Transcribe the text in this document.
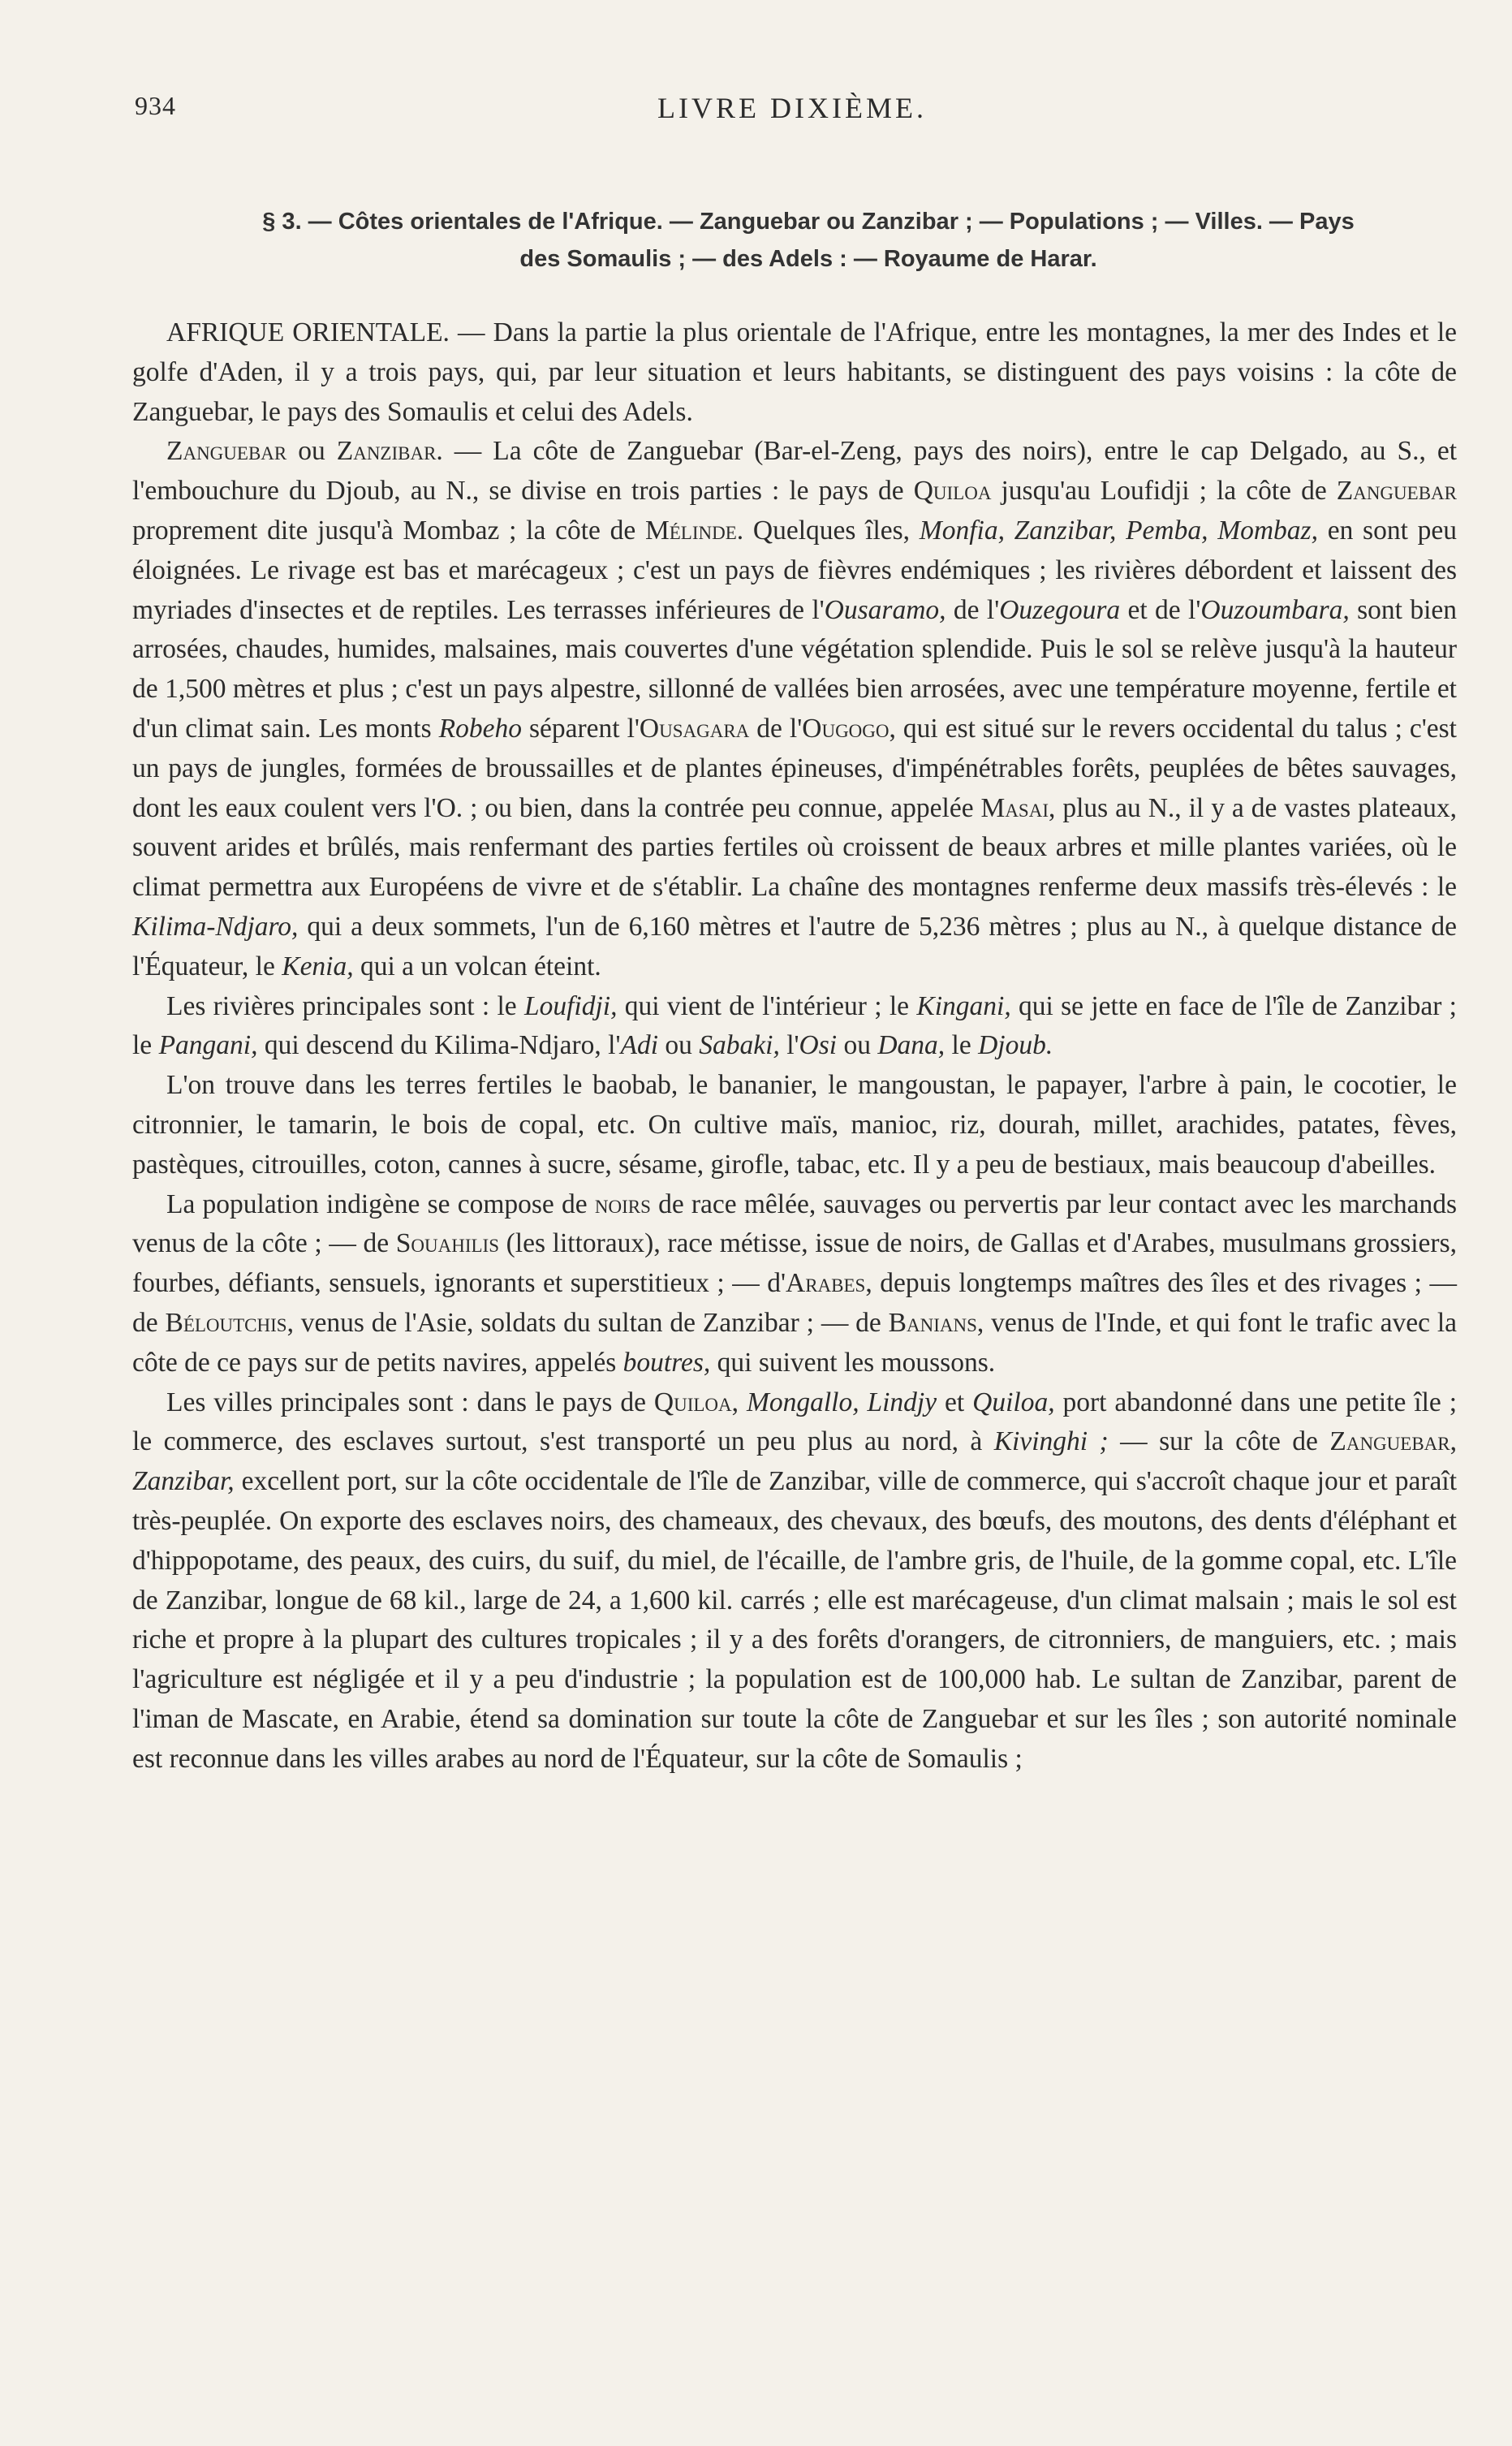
934	LIVRE DIXIÈME.
§ 3. — Côtes orientales de l'Afrique. — Zanguebar ou Zanzibar ; — Populations ; — Villes. — Pays
des Somaulis ; — des Adels : — Royaume de Harar.

AFRIQUE ORIENTALE. — Dans la partie la plus orientale de l'Afrique, entre les montagnes, la mer des Indes et le golfe d'Aden, il y a trois pays, qui, par leur situation et leurs habitants, se distinguent des pays voisins : la côte de Zanguebar, le pays des Somaulis et celui des Adels.

Zanguebar ou Zanzibar. — La côte de Zanguebar (Bar-el-Zeng, pays des noirs), entre le cap Delgado, au S., et l'embouchure du Djoub, au N., se divise en trois parties : le pays de Quiloa jusqu'au Loufidji ; la côte de Zanguebar proprement dite jusqu'à Mombaz ; la côte de Mélinde. Quelques îles, Monfia, Zanzibar, Pemba, Mombaz, en sont peu éloignées. Le rivage est bas et marécageux ; c'est un pays de fièvres endémiques ; les rivières débordent et laissent des myriades d'insectes et de reptiles. Les terrasses inférieures de l'Ousaramo, de l'Ouzegoura et de l'Ouzoumbara, sont bien arrosées, chaudes, humides, malsaines, mais couvertes d'une végétation splendide. Puis le sol se relève jusqu'à la hauteur de 1,500 mètres et plus ; c'est un pays alpestre, sillonné de vallées bien arrosées, avec une température moyenne, fertile et d'un climat sain. Les monts Robeho séparent l'Ousagara de l'Ougogo, qui est situé sur le revers occidental du talus ; c'est un pays de jungles, formées de broussailles et de plantes épineuses, d'impénétrables forêts, peuplées de bêtes sauvages, dont les eaux coulent vers l'O. ; ou bien, dans la contrée peu connue, appelée Masai, plus au N., il y a de vastes plateaux, souvent arides et brûlés, mais renfermant des parties fertiles où croissent de beaux arbres et mille plantes variées, où le climat permettra aux Européens de vivre et de s'établir. La chaîne des montagnes renferme deux massifs très-élevés : le Kilima-Ndjaro, qui a deux sommets, l'un de 6,160 mètres et l'autre de 5,236 mètres ; plus au N., à quelque distance de l'Équateur, le Kenia, qui a un volcan éteint.

Les rivières principales sont : le Loufidji, qui vient de l'intérieur ; le Kingani, qui se jette en face de l'île de Zanzibar ; le Pangani, qui descend du Kilima-Ndjaro, l'Adi ou Sabaki, l'Osi ou Dana, le Djoub.

L'on trouve dans les terres fertiles le baobab, le bananier, le mangoustan, le papayer, l'arbre à pain, le cocotier, le citronnier, le tamarin, le bois de copal, etc. On cultive maïs, manioc, riz, dourah, millet, arachides, patates, fèves, pastèques, citrouilles, coton, cannes à sucre, sésame, girofle, tabac, etc. Il y a peu de bestiaux, mais beaucoup d'abeilles.

La population indigène se compose de noirs de race mêlée, sauvages ou pervertis par leur contact avec les marchands venus de la côte ; — de Souahilis (les littoraux), race métisse, issue de noirs, de Gallas et d'Arabes, musulmans grossiers, fourbes, défiants, sensuels, ignorants et superstitieux ; — d'Arabes, depuis longtemps maîtres des îles et des rivages ; — de Béloutchis, venus de l'Asie, soldats du sultan de Zanzibar ; — de Banians, venus de l'Inde, et qui font le trafic avec la côte de ce pays sur de petits navires, appelés boutres, qui suivent les moussons.

Les villes principales sont : dans le pays de Quiloa, Mongallo, Lindjy et Quiloa, port abandonné dans une petite île ; le commerce, des esclaves surtout, s'est transporté un peu plus au nord, à Kivinghi ; — sur la côte de Zanguebar, Zanzibar, excellent port, sur la côte occidentale de l'île de Zanzibar, ville de commerce, qui s'accroît chaque jour et paraît très-peuplée. On exporte des esclaves noirs, des chameaux, des chevaux, des bœufs, des moutons, des dents d'éléphant et d'hippopotame, des peaux, des cuirs, du suif, du miel, de l'écaille, de l'ambre gris, de l'huile, de la gomme copal, etc. L'île de Zanzibar, longue de 68 kil., large de 24, a 1,600 kil. carrés ; elle est marécageuse, d'un climat malsain ; mais le sol est riche et propre à la plupart des cultures tropicales ; il y a des forêts d'orangers, de citronniers, de manguiers, etc. ; mais l'agriculture est négligée et il y a peu d'industrie ; la population est de 100,000 hab. Le sultan de Zanzibar, parent de l'iman de Mascate, en Arabie, étend sa domination sur toute la côte de Zanguebar et sur les îles ; son autorité nominale est reconnue dans les villes arabes au nord de l'Équateur, sur la côte de Somaulis ;
